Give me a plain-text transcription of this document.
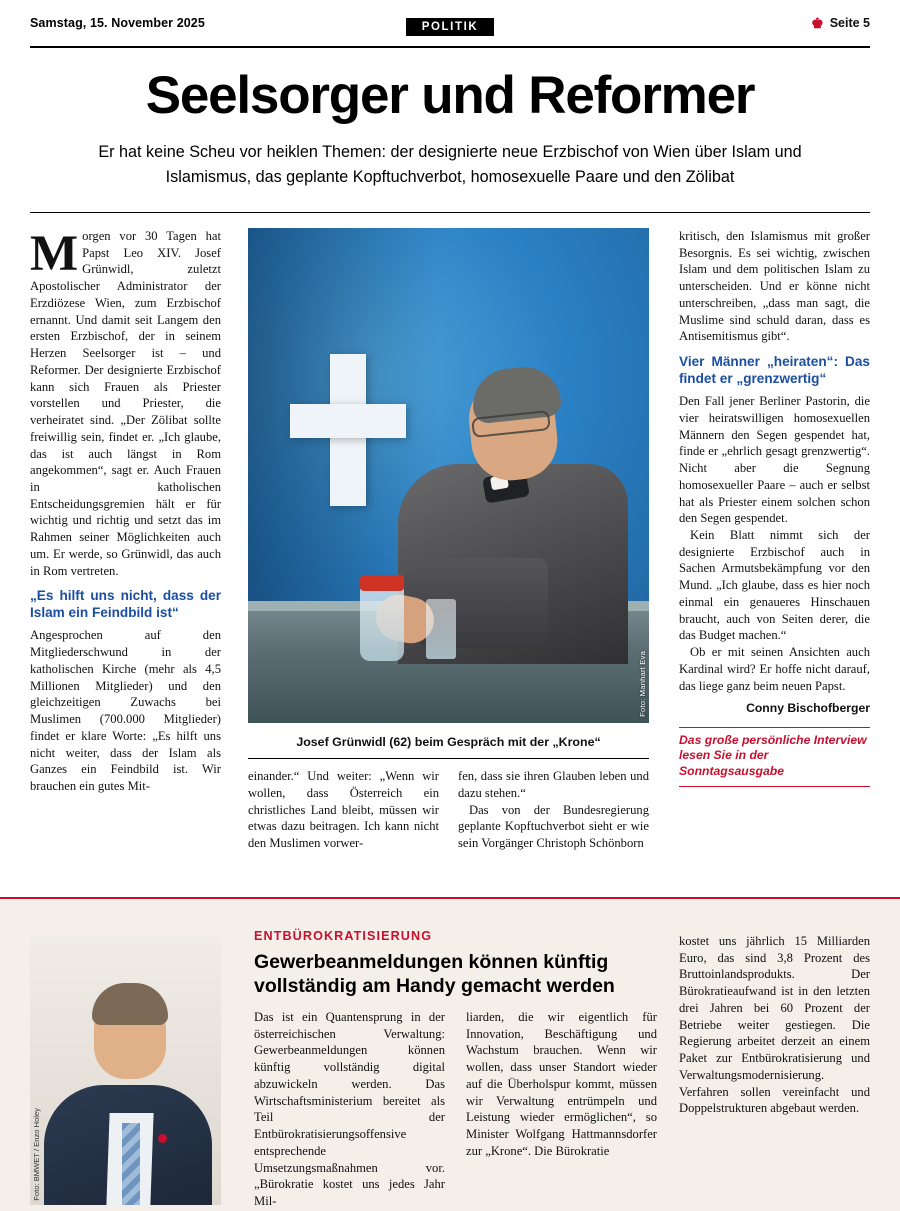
Samstag, 15. November 2025	POLITIK	♚ Seite 5
Seelsorger und Reformer
Er hat keine Scheu vor heiklen Themen: der designierte neue Erzbischof von Wien über Islam und Islamismus, das geplante Kopftuchverbot, homosexuelle Paare und den Zölibat

Morgen vor 30 Tagen hat Papst Leo XIV. Josef Grünwidl, zuletzt Apostolischer Administrator der Erzdiözese Wien, zum Erzbischof ernannt. Und damit seit Langem den ersten Erzbischof, der in seinem Herzen Seelsorger ist – und Reformer. Der designierte Erzbischof kann sich Frauen als Priester vorstellen und Priester, die verheiratet sind. „Der Zölibat sollte freiwillig sein, findet er. „Ich glaube, das ist auch längst in Rom angekommen“, sagt er. Auch Frauen in katholischen Entscheidungsgremien hält er für wichtig und richtig und setzt das im Rahmen seiner Möglichkeiten auch um. Er werde, so Grünwidl, das auch in Rom vertreten.

„Es hilft uns nicht, dass der Islam ein Feindbild ist“

Angesprochen auf den Mitgliederschwund in der katholischen Kirche (mehr als 4,5 Millionen Mitglieder) und den gleichzeitigen Zuwachs bei Muslimen (700.000 Mitglieder) findet er klare Worte: „Es hilft uns nicht weiter, dass der Islam als Ganzes ein Feindbild ist. Wir brauchen ein gutes Mit-

kritisch, den Islamismus mit großer Besorgnis. Es sei wichtig, zwischen Islam und dem politischen Islam zu unterscheiden. Und er könne nicht unterschreiben, „dass man sagt, die Muslime sind schuld daran, dass es Antisemitismus gibt“.

Vier Männer „heiraten“: Das findet er „grenzwertig“

Den Fall jener Berliner Pastorin, die vier heiratswilligen homosexuellen Männern den Segen gespendet hat, finde er „ehrlich gesagt grenzwertig“. Nicht aber die Segnung homosexueller Paare – auch er selbst hat als Priester einem solchen schon den Segen gespendet.

Kein Blatt nimmt sich der designierte Erzbischof auch in Sachen Armutsbekämpfung vor den Mund. „Ich glaube, dass es hier noch einmal ein genaueres Hinschauen braucht, auch von Seiten derer, die das Budget machen.“

Ob er mit seinen Ansichten auch Kardinal wird? Er hoffe nicht darauf, das liege ganz beim neuen Papst.

Conny Bischofberger
Das große persönliche Interview lesen Sie in der Sonntagsausgabe
Foto: Manhart Eva
Josef Grünwidl (62) beim Gespräch mit der „Krone“

einander.“ Und weiter: „Wenn wir wollen, dass Österreich ein christliches Land bleibt, müssen wir etwas dazu beitragen. Ich kann nicht den Muslimen vorwer-

fen, dass sie ihren Glauben leben und dazu stehen.“

Das von der Bundesregierung geplante Kopftuchverbot sieht er wie sein Vorgänger Christoph Schönborn

Foto: BMWET / Enzo Holey
ENTBÜROKRATISIERUNG
Gewerbeanmeldungen können künftig vollständig am Handy gemacht werden

Das ist ein Quantensprung in der österreichischen Verwaltung: Gewerbeanmeldungen können künftig vollständig digital abzuwickeln werden. Das Wirtschaftsministerium bereitet als Teil der Entbürokratisierungsoffensive entsprechende Umsetzungsmaßnahmen vor. „Bürokratie kostet uns jedes Jahr Mil-

liarden, die wir eigentlich für Innovation, Beschäftigung und Wachstum brauchen. Wenn wir wollen, dass unser Standort wieder auf die Überholspur kommt, müssen wir Verwaltung entrümpeln und Leistung wieder ermöglichen“, so Minister Wolfgang Hattmannsdorfer zur „Krone“. Die Bürokratie

kostet uns jährlich 15 Milliarden Euro, das sind 3,8 Prozent des Bruttoinlandsprodukts. Der Bürokratieaufwand ist in den letzten drei Jahren bei 60 Prozent der Betriebe weiter gestiegen. Die Regierung arbeitet derzeit an einem Paket zur Entbürokratisierung und Verwaltungsmodernisierung. Verfahren sollen vereinfacht und Doppelstrukturen abgebaut werden.
